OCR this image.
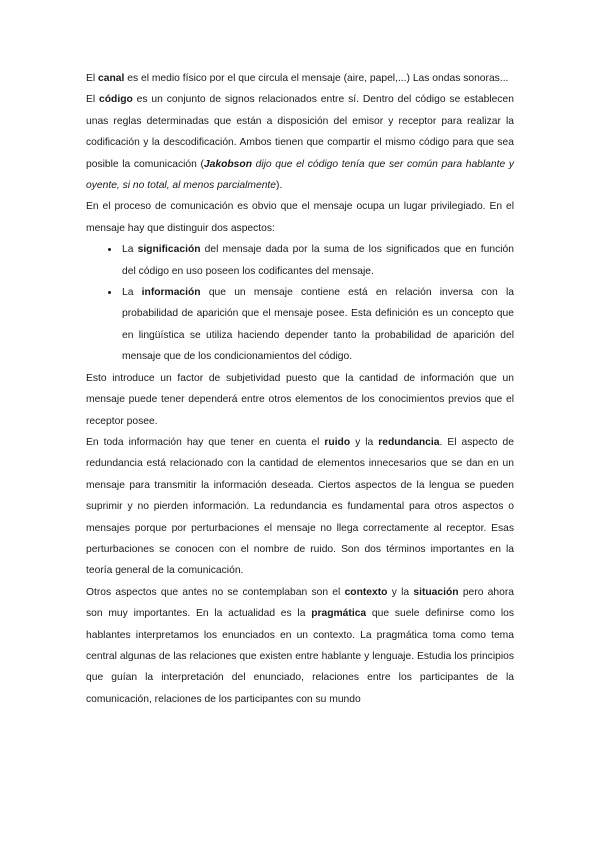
El canal es el medio físico por el que circula el mensaje (aire, papel,...) Las ondas sonoras...

El código es un conjunto de signos relacionados entre sí. Dentro del código se establecen unas reglas determinadas que están a disposición del emisor y receptor para realizar la codificación y la descodificación. Ambos tienen que compartir el mismo código para que sea posible la comunicación (Jakobson dijo que el código tenía que ser común para hablante y oyente, si no total, al menos parcialmente).

En el proceso de comunicación es obvio que el mensaje ocupa un lugar privilegiado. En el mensaje hay que distinguir dos aspectos:

• La significación del mensaje dada por la suma de los significados que en función del código en uso poseen los codificantes del mensaje.
• La información que un mensaje contiene está en relación inversa con la probabilidad de aparición que el mensaje posee. Esta definición es un concepto que en lingüística se utiliza haciendo depender tanto la probabilidad de aparición del mensaje que de los condicionamientos del código.

Esto introduce un factor de subjetividad puesto que la cantidad de información que un mensaje puede tener dependerá entre otros elementos de los conocimientos previos que el receptor posee.

En toda información hay que tener en cuenta el ruido y la redundancia. El aspecto de redundancia está relacionado con la cantidad de elementos innecesarios que se dan en un mensaje para transmitir la información deseada. Ciertos aspectos de la lengua se pueden suprimir y no pierden información. La redundancia es fundamental para otros aspectos o mensajes porque por perturbaciones el mensaje no llega correctamente al receptor. Esas perturbaciones se conocen con el nombre de ruido. Son dos términos importantes en la teoría general de la comunicación.

Otros aspectos que antes no se contemplaban son el contexto y la situación pero ahora son muy importantes. En la actualidad es la pragmática que suele definirse como los hablantes interpretamos los enunciados en un contexto. La pragmática toma como tema central algunas de las relaciones que existen entre hablante y lenguaje. Estudia los principios que guían la interpretación del enunciado, relaciones entre los participantes de la comunicación, relaciones de los participantes con su mundo
